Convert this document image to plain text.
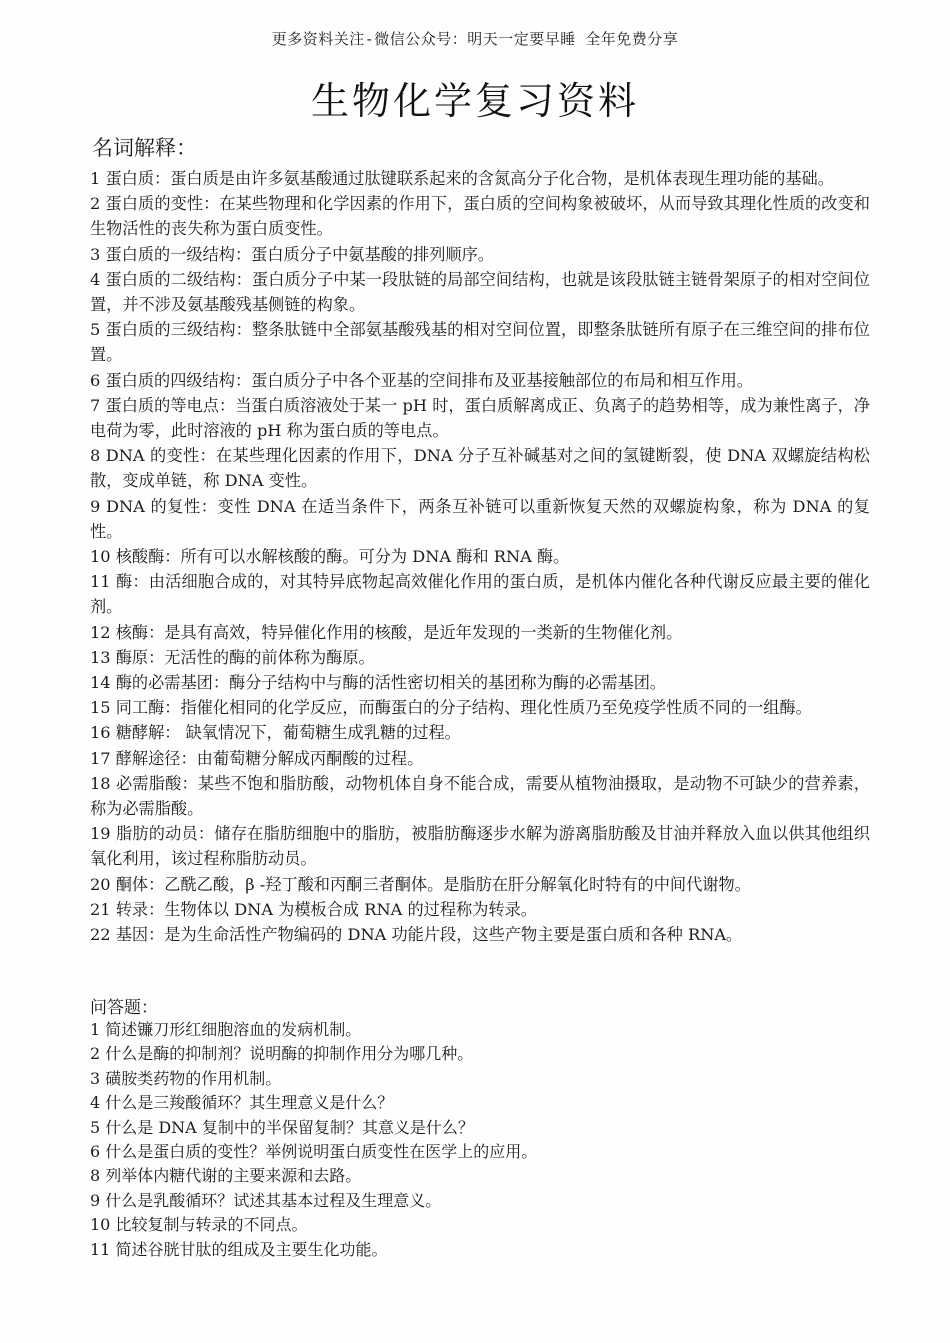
更多资料关注-微信公众号：明天一定要早睡 全年免费分享
生物化学复习资料
名词解释：

1 蛋白质：蛋白质是由许多氨基酸通过肽键联系起来的含氮高分子化合物，是机体表现生理功能的基础。

2 蛋白质的变性：在某些物理和化学因素的作用下，蛋白质的空间构象被破坏，从而导致其理化性质的改变和生物活性的丧失称为蛋白质变性。

3 蛋白质的一级结构：蛋白质分子中氨基酸的排列顺序。

4 蛋白质的二级结构：蛋白质分子中某一段肽链的局部空间结构，也就是该段肽链主链骨架原子的相对空间位置，并不涉及氨基酸残基侧链的构象。

5 蛋白质的三级结构：整条肽链中全部氨基酸残基的相对空间位置，即整条肽链所有原子在三维空间的排布位置。

6 蛋白质的四级结构：蛋白质分子中各个亚基的空间排布及亚基接触部位的布局和相互作用。

7 蛋白质的等电点：当蛋白质溶液处于某一 pH 时，蛋白质解离成正、负离子的趋势相等，成为兼性离子，净电荷为零，此时溶液的 pH 称为蛋白质的等电点。

8 DNA 的变性：在某些理化因素的作用下，DNA 分子互补碱基对之间的氢键断裂，使 DNA 双螺旋结构松散，变成单链，称 DNA 变性。

9 DNA 的复性：变性 DNA 在适当条件下，两条互补链可以重新恢复天然的双螺旋构象，称为 DNA 的复性。

10 核酸酶：所有可以水解核酸的酶。可分为 DNA 酶和 RNA 酶。

11 酶：由活细胞合成的，对其特异底物起高效催化作用的蛋白质，是机体内催化各种代谢反应最主要的催化剂。

12 核酶：是具有高效，特异催化作用的核酸，是近年发现的一类新的生物催化剂。

13 酶原：无活性的酶的前体称为酶原。

14 酶的必需基团：酶分子结构中与酶的活性密切相关的基团称为酶的必需基团。

15 同工酶：指催化相同的化学反应，而酶蛋白的分子结构、理化性质乃至免疫学性质不同的一组酶。

16 糖酵解： 缺氧情况下，葡萄糖生成乳糖的过程。

17 酵解途径：由葡萄糖分解成丙酮酸的过程。

18 必需脂酸：某些不饱和脂肪酸，动物机体自身不能合成，需要从植物油摄取，是动物不可缺少的营养素，称为必需脂酸。

19 脂肪的动员：储存在脂肪细胞中的脂肪，被脂肪酶逐步水解为游离脂肪酸及甘油并释放入血以供其他组织氧化利用，该过程称脂肪动员。

20 酮体：乙酰乙酸，β -羟丁酸和丙酮三者酮体。是脂肪在肝分解氧化时特有的中间代谢物。

21 转录：生物体以 DNA 为模板合成 RNA 的过程称为转录。

22 基因：是为生命活性产物编码的 DNA 功能片段，这些产物主要是蛋白质和各种 RNA。

问答题：

1 简述镰刀形红细胞溶血的发病机制。

2 什么是酶的抑制剂？说明酶的抑制作用分为哪几种。

3 磺胺类药物的作用机制。

4 什么是三羧酸循环？其生理意义是什么？

5 什么是 DNA 复制中的半保留复制？其意义是什么？

6 什么是蛋白质的变性？举例说明蛋白质变性在医学上的应用。

8 列举体内糖代谢的主要来源和去路。

9 什么是乳酸循环？试述其基本过程及生理意义。

10 比较复制与转录的不同点。

11 简述谷胱甘肽的组成及主要生化功能。
